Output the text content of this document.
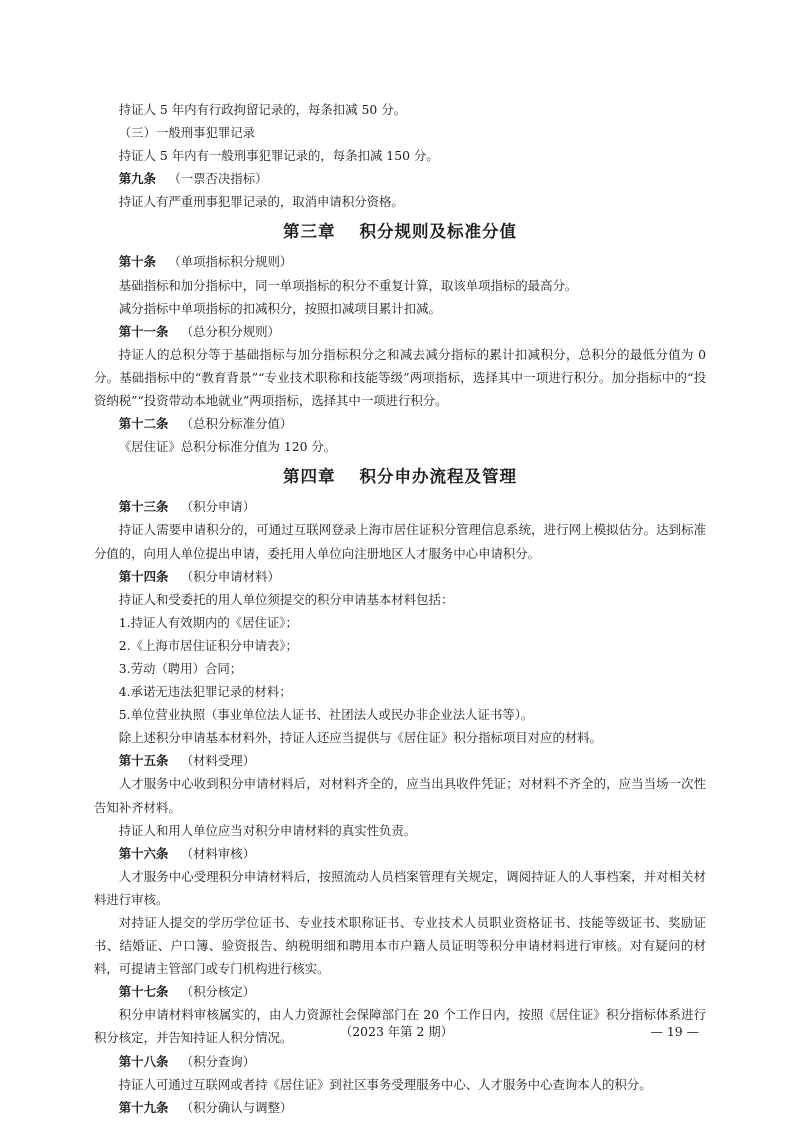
持证人 5 年内有行政拘留记录的，每条扣减 50 分。

（三）一般刑事犯罪记录

持证人 5 年内有一般刑事犯罪记录的，每条扣减 150 分。

第九条 （一票否决指标）

持证人有严重刑事犯罪记录的，取消申请积分资格。

第三章 积分规则及标准分值

第十条 （单项指标积分规则）

基础指标和加分指标中，同一单项指标的积分不重复计算，取该单项指标的最高分。

减分指标中单项指标的扣减积分，按照扣减项目累计扣减。

第十一条 （总分积分规则）

持证人的总积分等于基础指标与加分指标积分之和减去减分指标的累计扣减积分，总积分的最低分值为 0 分。基础指标中的“教育背景”“专业技术职称和技能等级”两项指标，选择其中一项进行积分。加分指标中的“投资纳税”“投资带动本地就业”两项指标，选择其中一项进行积分。

第十二条 （总积分标准分值）

《居住证》总积分标准分值为 120 分。

第四章 积分申办流程及管理

第十三条 （积分申请）

持证人需要申请积分的，可通过互联网登录上海市居住证积分管理信息系统，进行网上模拟估分。达到标准分值的，向用人单位提出申请，委托用人单位向注册地区人才服务中心申请积分。

第十四条 （积分申请材料）

持证人和受委托的用人单位须提交的积分申请基本材料包括：

1.持证人有效期内的《居住证》；

2.《上海市居住证积分申请表》；

3.劳动（聘用）合同；

4.承诺无违法犯罪记录的材料；

5.单位营业执照（事业单位法人证书、社团法人或民办非企业法人证书等）。

除上述积分申请基本材料外，持证人还应当提供与《居住证》积分指标项目对应的材料。

第十五条 （材料受理）

人才服务中心收到积分申请材料后，对材料齐全的，应当出具收件凭证；对材料不齐全的，应当当场一次性告知补齐材料。

持证人和用人单位应当对积分申请材料的真实性负责。

第十六条 （材料审核）

人才服务中心受理积分申请材料后，按照流动人员档案管理有关规定，调阅持证人的人事档案，并对相关材料进行审核。

对持证人提交的学历学位证书、专业技术职称证书、专业技术人员职业资格证书、技能等级证书、奖励证书、结婚证、户口簿、验资报告、纳税明细和聘用本市户籍人员证明等积分申请材料进行审核。对有疑问的材料，可提请主管部门或专门机构进行核实。

第十七条 （积分核定）

积分申请材料审核属实的，由人力资源社会保障部门在 20 个工作日内，按照《居住证》积分指标体系进行积分核定，并告知持证人积分情况。

第十八条 （积分查询）

持证人可通过互联网或者持《居住证》到社区事务受理服务中心、人才服务中心查询本人的积分。

第十九条 （积分确认与调整）

（2023 年第 2 期）	— 19 —
